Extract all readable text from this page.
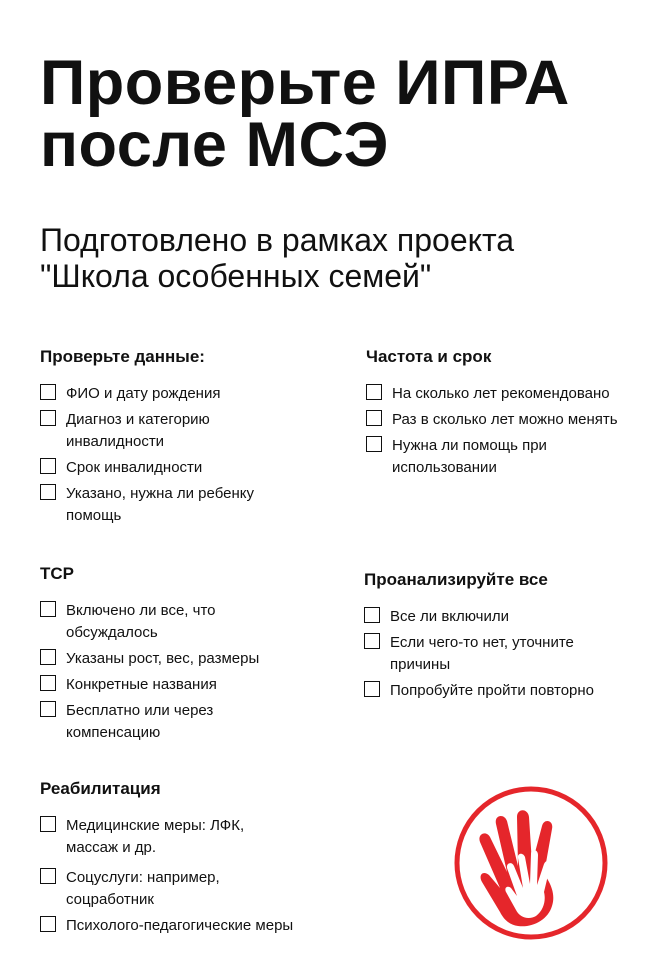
Проверьте ИПРА
после МСЭ

Подготовлено в рамках проекта
"Школа особенных семей"

Проверьте данные:
ФИО и дату рождения
Диагноз и категорию
инвалидности
Срок инвалидности
Указано, нужна ли ребенку
помощь
Частота и срок
На сколько лет рекомендовано
Раз в сколько лет можно менять
Нужна ли помощь при
использовании
ТСР
Включено ли все, что
обсуждалось
Указаны рост, вес, размеры
Конкретные названия
Бесплатно или через
компенсацию
Проанализируйте все
Все ли включили
Если чего-то нет, уточните
причины
Попробуйте пройти повторно
Реабилитация
Медицинские меры: ЛФК,
массаж и др.
Соцуслуги: например,
соцработник
Психолого-педагогические меры
